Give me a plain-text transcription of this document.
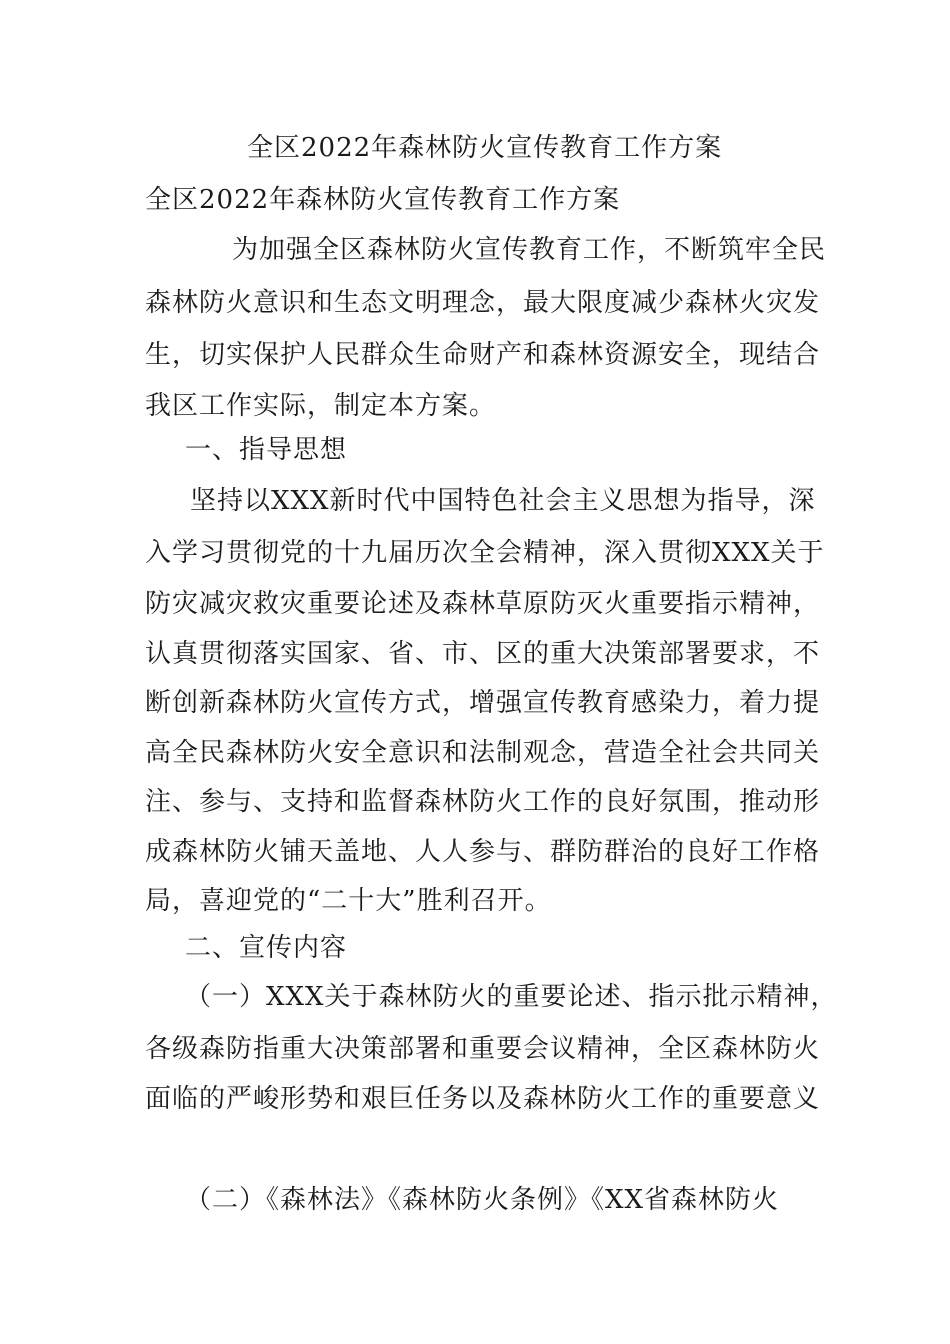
全区2022年森林防火宣传教育工作方案
全区2022年森林防火宣传教育工作方案
为加强全区森林防火宣传教育工作，不断筑牢全民
森林防火意识和生态文明理念，最大限度减少森林火灾发
生，切实保护人民群众生命财产和森林资源安全，现结合
我区工作实际，制定本方案。
一、指导思想
坚持以XXX新时代中国特色社会主义思想为指导，深
入学习贯彻党的十九届历次全会精神，深入贯彻XXX关于
防灾减灾救灾重要论述及森林草原防灭火重要指示精神，
认真贯彻落实国家、省、市、区的重大决策部署要求，不
断创新森林防火宣传方式，增强宣传教育感染力，着力提
高全民森林防火安全意识和法制观念，营造全社会共同关
注、参与、支持和监督森林防火工作的良好氛围，推动形
成森林防火铺天盖地、人人参与、群防群治的良好工作格
局，喜迎党的“二十大”胜利召开。
二、宣传内容
（一）XXX关于森林防火的重要论述、指示批示精神，
各级森防指重大决策部署和重要会议精神，全区森林防火
面临的严峻形势和艰巨任务以及森林防火工作的重要意义
（二）《森林法》《森林防火条例》《XX省森林防火
